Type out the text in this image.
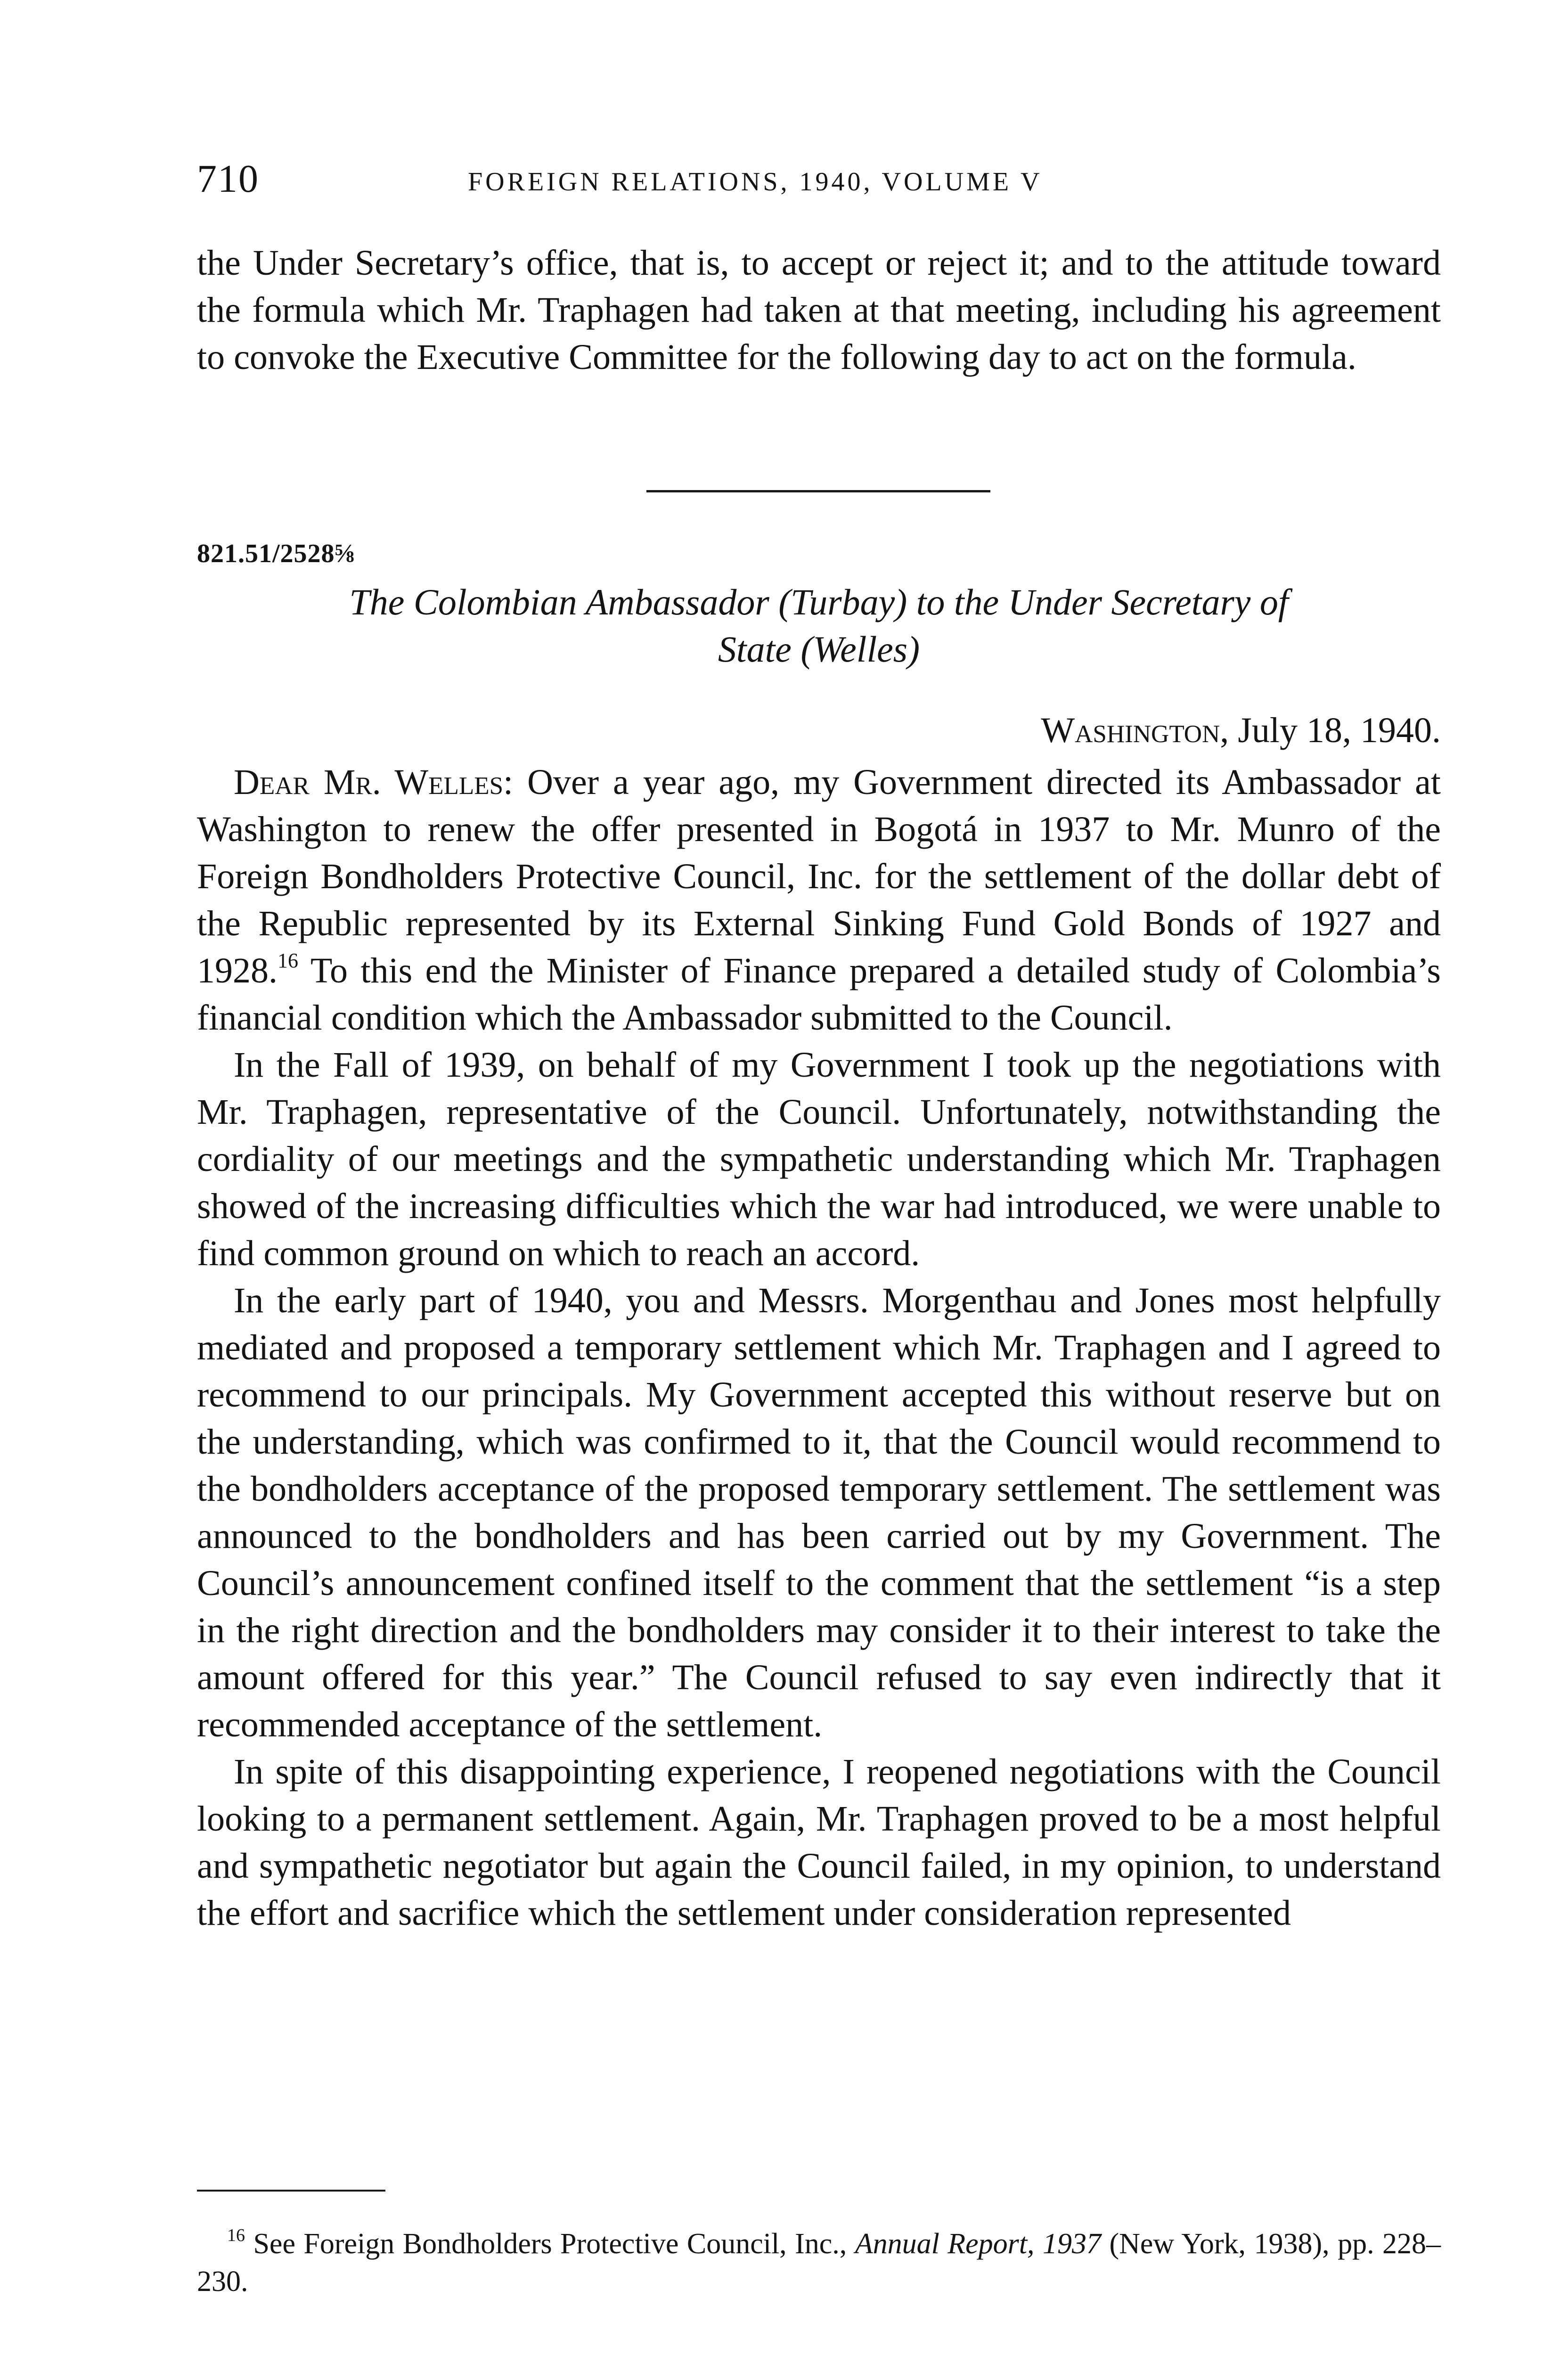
710	FOREIGN RELATIONS, 1940, VOLUME V

the Under Secretary’s office, that is, to accept or reject it; and to the attitude toward the formula which Mr. Traphagen had taken at that meeting, including his agreement to convoke the Executive Committee for the following day to act on the formula.

821.51/2528⅝
The Colombian Ambassador (Turbay) to the Under Secretary of
State (Welles)
Washington, July 18, 1940.

Dear Mr. Welles: Over a year ago, my Government directed its Ambassador at Washington to renew the offer presented in Bogotá in 1937 to Mr. Munro of the Foreign Bondholders Protective Council, Inc. for the settlement of the dollar debt of the Republic represented by its External Sinking Fund Gold Bonds of 1927 and 1928.16 To this end the Minister of Finance prepared a detailed study of Colombia’s financial condition which the Ambassador submitted to the Council.

In the Fall of 1939, on behalf of my Government I took up the negotiations with Mr. Traphagen, representative of the Council. Unfortunately, notwithstanding the cordiality of our meetings and the sympathetic understanding which Mr. Traphagen showed of the increasing difficulties which the war had introduced, we were unable to find common ground on which to reach an accord.

In the early part of 1940, you and Messrs. Morgenthau and Jones most helpfully mediated and proposed a temporary settlement which Mr. Traphagen and I agreed to recommend to our principals. My Government accepted this without reserve but on the understanding, which was confirmed to it, that the Council would recommend to the bondholders acceptance of the proposed temporary settlement. The settlement was announced to the bondholders and has been carried out by my Government. The Council’s announcement confined itself to the comment that the settlement “is a step in the right direction and the bondholders may consider it to their interest to take the amount offered for this year.” The Council refused to say even indirectly that it recommended acceptance of the settlement.

In spite of this disappointing experience, I reopened negotiations with the Council looking to a permanent settlement. Again, Mr. Traphagen proved to be a most helpful and sympathetic negotiator but again the Council failed, in my opinion, to understand the effort and sacrifice which the settlement under consideration represented

$^{16}$ See Foreign Bondholders Protective Council, Inc., Annual Report, 1937 (New York, 1938), pp. 228–230.
